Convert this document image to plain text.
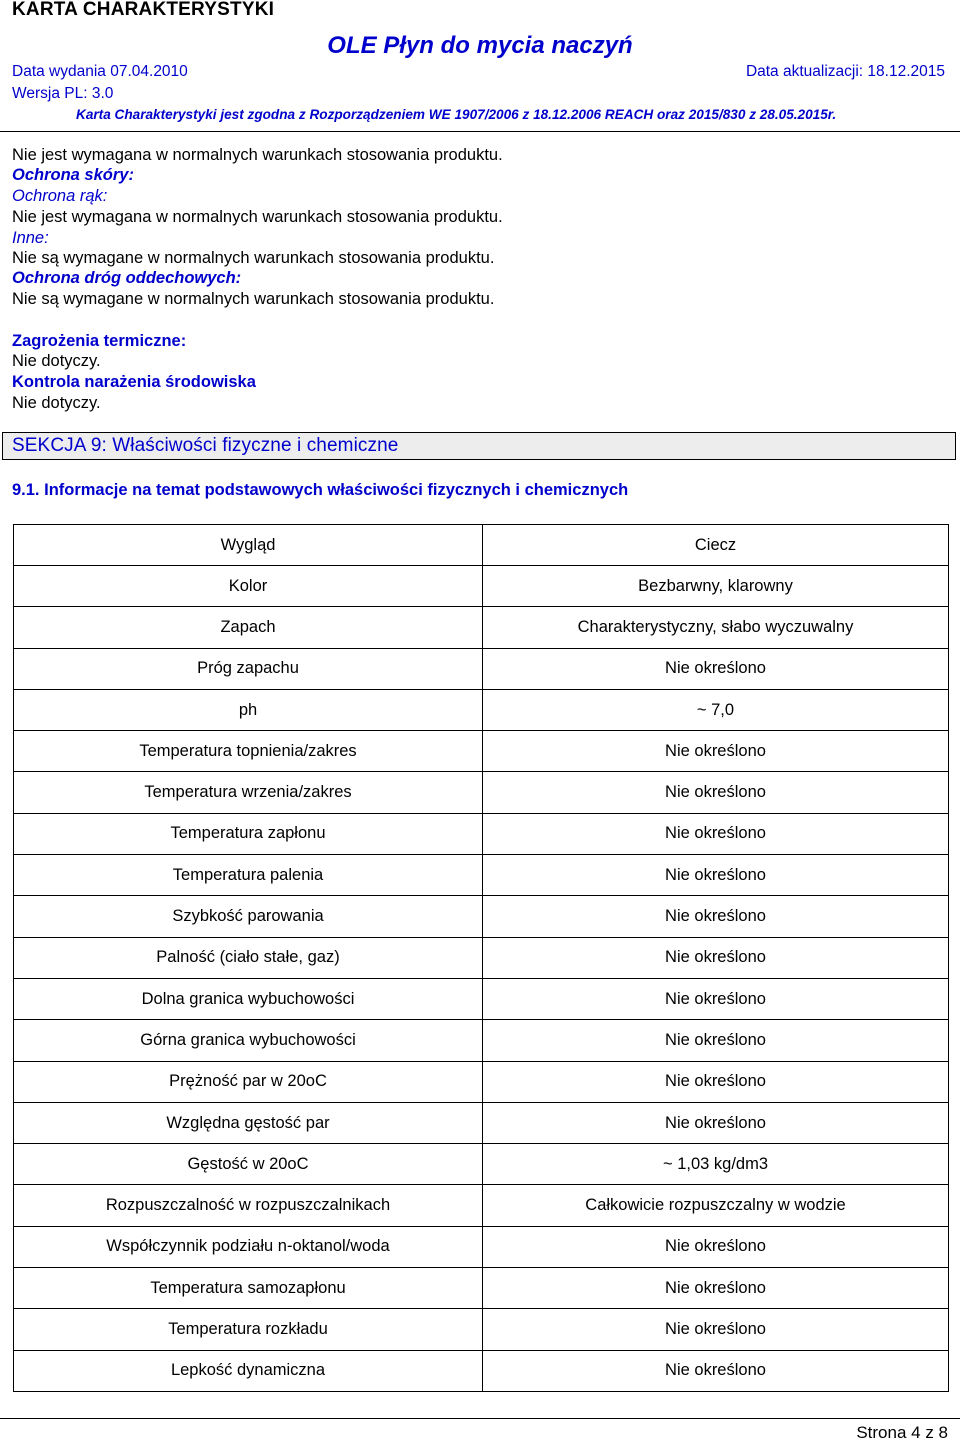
KARTA CHARAKTERYSTYKI
OLE Płyn do mycia naczyń
Data wydania 07.04.2010	Data aktualizacji: 18.12.2015
Wersja PL: 3.0
Karta Charakterystyki jest zgodna z Rozporządzeniem WE 1907/2006 z 18.12.2006 REACH oraz 2015/830 z 28.05.2015r.
Nie jest wymagana w normalnych warunkach stosowania produktu.
Ochrona skóry:
Ochrona rąk:
Nie jest wymagana w normalnych warunkach stosowania produktu.
Inne:
Nie są wymagane w normalnych warunkach stosowania produktu.
Ochrona dróg oddechowych:
Nie są wymagane w normalnych warunkach stosowania produktu.
Zagrożenia termiczne:
Nie dotyczy.
Kontrola narażenia środowiska
Nie dotyczy.
SEKCJA 9: Właściwości fizyczne i chemiczne
9.1. Informacje na temat podstawowych właściwości fizycznych i chemicznych
Wygląd	Ciecz
Kolor	Bezbarwny, klarowny
Zapach	Charakterystyczny, słabo wyczuwalny
Próg zapachu	Nie określono
ph	~ 7,0
Temperatura topnienia/zakres	Nie określono
Temperatura wrzenia/zakres	Nie określono
Temperatura zapłonu	Nie określono
Temperatura palenia	Nie określono
Szybkość parowania	Nie określono
Palność (ciało stałe, gaz)	Nie określono
Dolna granica wybuchowości	Nie określono
Górna granica wybuchowości	Nie określono
Prężność par w 20oC	Nie określono
Względna gęstość par	Nie określono
Gęstość w 20oC	~ 1,03 kg/dm3
Rozpuszczalność w rozpuszczalnikach	Całkowicie rozpuszczalny w wodzie
Współczynnik podziału n-oktanol/woda	Nie określono
Temperatura samozapłonu	Nie określono
Temperatura rozkładu	Nie określono
Lepkość dynamiczna	Nie określono
Strona 4 z 8
